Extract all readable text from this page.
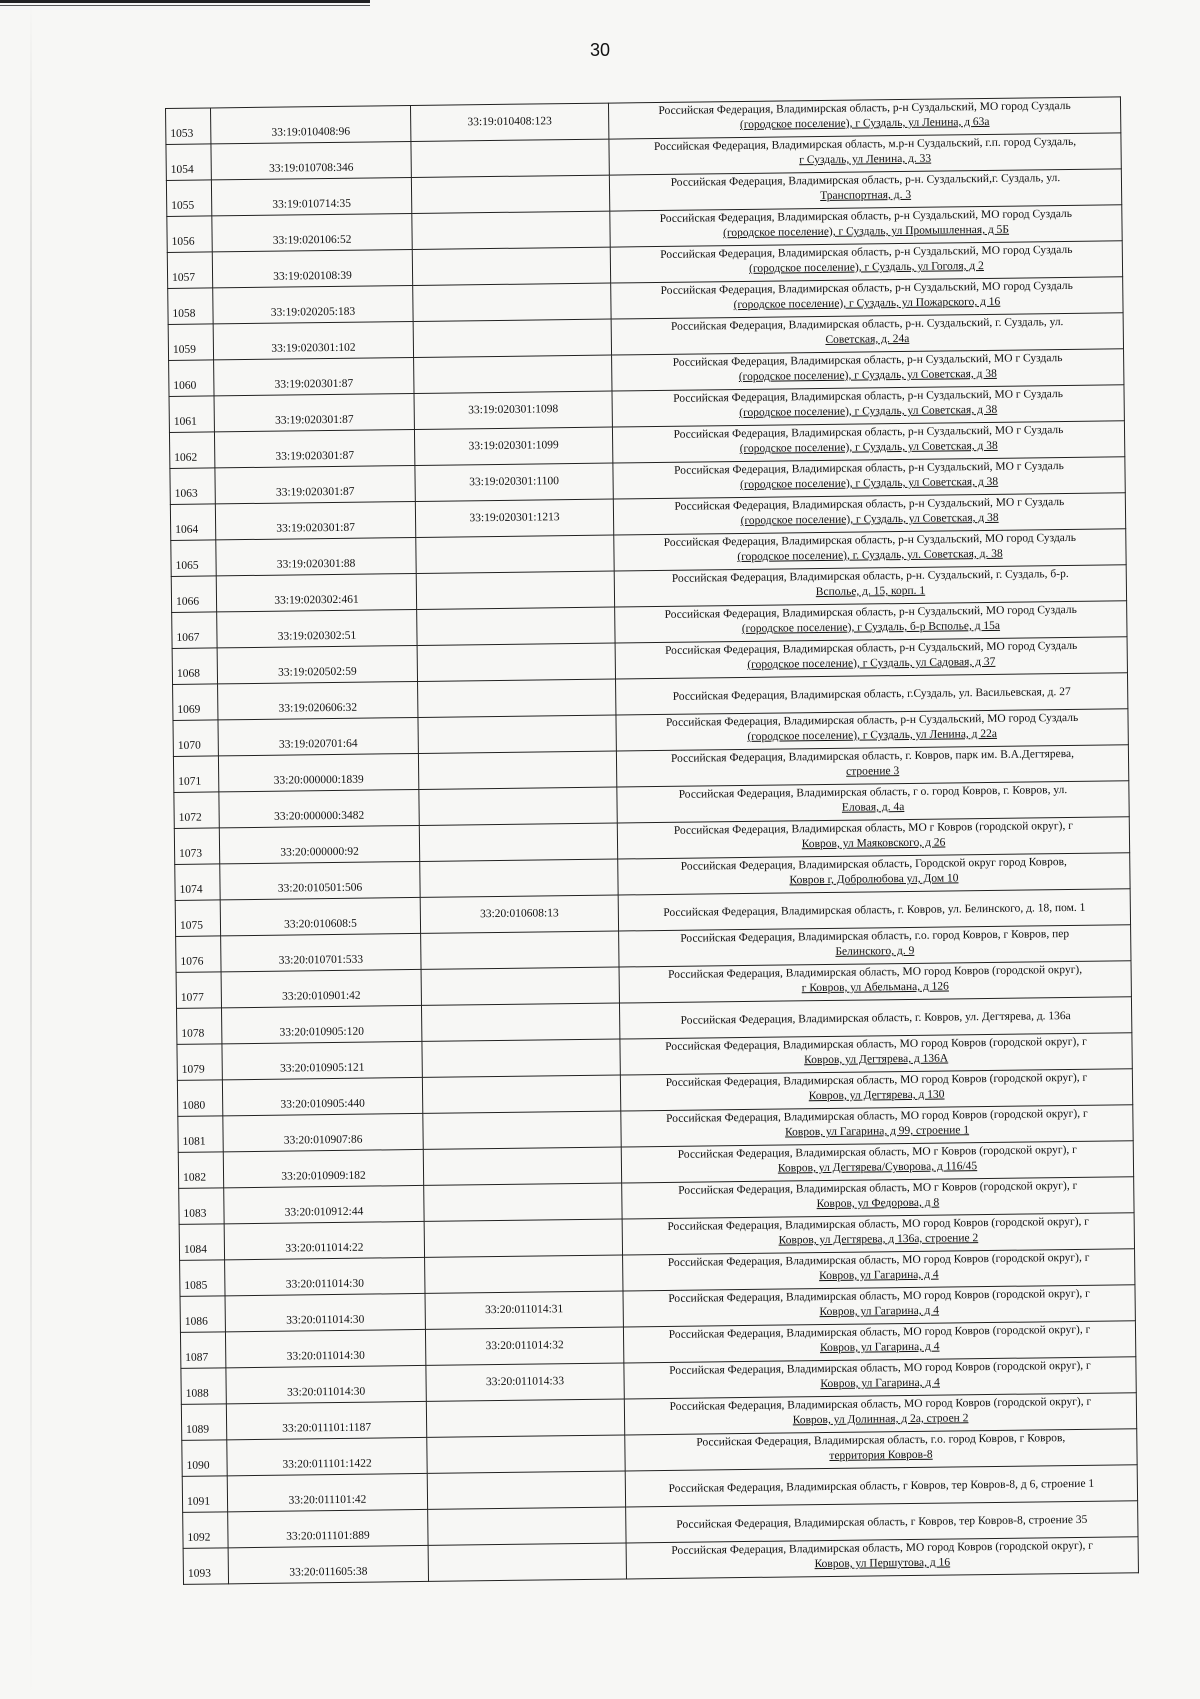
30
1053	33:19:010408:96	33:19:010408:123	Российская Федерация, Владимирская область, р-н Суздальский, МО город Суздаль
(городское поселение), г Суздаль, ул Ленина, д 63а

1054	33:19:010708:346		Российская Федерация, Владимирская область, м.р-н Суздальский, г.п. город Суздаль,
г Суздаль, ул Ленина, д. 33

1055	33:19:010714:35		Российская Федерация, Владимирская область, р-н. Суздальский,г. Суздаль, ул.
Транспортная, д. 3

1056	33:19:020106:52		Российская Федерация, Владимирская область, р-н Суздальский, МО город Суздаль
(городское поселение), г Суздаль, ул Промышленная, д 5Б

1057	33:19:020108:39		Российская Федерация, Владимирская область, р-н Суздальский, МО город Суздаль
(городское поселение), г Суздаль, ул Гоголя, д 2

1058	33:19:020205:183		Российская Федерация, Владимирская область, р-н Суздальский, МО город Суздаль
(городское поселение), г Суздаль, ул Пожарского, д 16

1059	33:19:020301:102		Российская Федерация, Владимирская область, р-н. Суздальский, г. Суздаль, ул.
Советская, д. 24а

1060	33:19:020301:87		Российская Федерация, Владимирская область, р-н Суздальский, МО г Суздаль
(городское поселение), г Суздаль, ул Советская, д 38

1061	33:19:020301:87	33:19:020301:1098	Российская Федерация, Владимирская область, р-н Суздальский, МО г Суздаль
(городское поселение), г Суздаль, ул Советская, д 38

1062	33:19:020301:87	33:19:020301:1099	Российская Федерация, Владимирская область, р-н Суздальский, МО г Суздаль
(городское поселение), г Суздаль, ул Советская, д 38

1063	33:19:020301:87	33:19:020301:1100	Российская Федерация, Владимирская область, р-н Суздальский, МО г Суздаль
(городское поселение), г Суздаль, ул Советская, д 38

1064	33:19:020301:87	33:19:020301:1213	Российская Федерация, Владимирская область, р-н Суздальский, МО г Суздаль
(городское поселение), г Суздаль, ул Советская, д 38

1065	33:19:020301:88		Российская Федерация, Владимирская область, р-н Суздальский, МО город Суздаль
(городское поселение), г. Суздаль, ул. Советская, д. 38

1066	33:19:020302:461		Российская Федерация, Владимирская область, р-н. Суздальский, г. Суздаль, б-р.
Всполье, д. 15, корп. 1

1067	33:19:020302:51		Российская Федерация, Владимирская область, р-н Суздальский, МО город Суздаль
(городское поселение), г Суздаль, б-р Всполье, д 15а

1068	33:19:020502:59		Российская Федерация, Владимирская область, р-н Суздальский, МО город Суздаль
(городское поселение), г Суздаль, ул Садовая, д 37

1069	33:19:020606:32		Российская Федерация, Владимирская область, г.Суздаль, ул. Васильевская, д. 27

1070	33:19:020701:64		Российская Федерация, Владимирская область, р-н Суздальский, МО город Суздаль
(городское поселение), г Суздаль, ул Ленина, д 22а

1071	33:20:000000:1839		Российская Федерация, Владимирская область, г. Ковров, парк им. В.А.Дегтярева,
строение 3

1072	33:20:000000:3482		Российская Федерация, Владимирская область, г о. город Ковров, г. Ковров, ул.
Еловая, д. 4а

1073	33:20:000000:92		Российская Федерация, Владимирская область, МО г Ковров (городской округ), г
Ковров, ул Маяковского, д 26

1074	33:20:010501:506		Российская Федерация, Владимирская область, Городской округ город Ковров,
Ковров г, Добролюбова ул, Дом 10

1075	33:20:010608:5	33:20:010608:13	Российская Федерация, Владимирская область, г. Ковров, ул. Белинского, д. 18, пом. 1

1076	33:20:010701:533		Российская Федерация, Владимирская область, г.о. город Ковров, г Ковров, пер
Белинского, д. 9

1077	33:20:010901:42		Российская Федерация, Владимирская область, МО город Ковров (городской округ),
г Ковров, ул Абельмана, д 126

1078	33:20:010905:120		Российская Федерация, Владимирская область, г. Ковров, ул. Дегтярева, д. 136а

1079	33:20:010905:121		Российская Федерация, Владимирская область, МО город Ковров (городской округ), г
Ковров, ул Дегтярева, д 136А

1080	33:20:010905:440		Российская Федерация, Владимирская область, МО город Ковров (городской округ), г
Ковров, ул Дегтярева, д 130

1081	33:20:010907:86		Российская Федерация, Владимирская область, МО город Ковров (городской округ), г
Ковров, ул Гагарина, д 99, строение 1

1082	33:20:010909:182		Российская Федерация, Владимирская область, МО г Ковров (городской округ), г
Ковров, ул Дегтярева/Суворова, д 116/45

1083	33:20:010912:44		Российская Федерация, Владимирская область, МО г Ковров (городской округ), г
Ковров, ул Федорова, д 8

1084	33:20:011014:22		Российская Федерация, Владимирская область, МО город Ковров (городской округ), г
Ковров, ул Дегтярева, д 136а, строение 2

1085	33:20:011014:30		Российская Федерация, Владимирская область, МО город Ковров (городской округ), г
Ковров, ул Гагарина, д 4

1086	33:20:011014:30	33:20:011014:31	Российская Федерация, Владимирская область, МО город Ковров (городской округ), г
Ковров, ул Гагарина, д 4

1087	33:20:011014:30	33:20:011014:32	Российская Федерация, Владимирская область, МО город Ковров (городской округ), г
Ковров, ул Гагарина, д 4

1088	33:20:011014:30	33:20:011014:33	Российская Федерация, Владимирская область, МО город Ковров (городской округ), г
Ковров, ул Гагарина, д 4

1089	33:20:011101:1187		Российская Федерация, Владимирская область, МО город Ковров (городской округ), г
Ковров, ул Долинная, д 2а, строен 2

1090	33:20:011101:1422		Российская Федерация, Владимирская область, г.о. город Ковров, г Ковров,
территория Ковров-8

1091	33:20:011101:42		Российская Федерация, Владимирская область, г Ковров, тер Ковров-8, д 6, строение 1

1092	33:20:011101:889		Российская Федерация, Владимирская область, г Ковров, тер Ковров-8, строение 35

1093	33:20:011605:38		Российская Федерация, Владимирская область, МО город Ковров (городской округ), г
Ковров, ул Першутова, д 16
